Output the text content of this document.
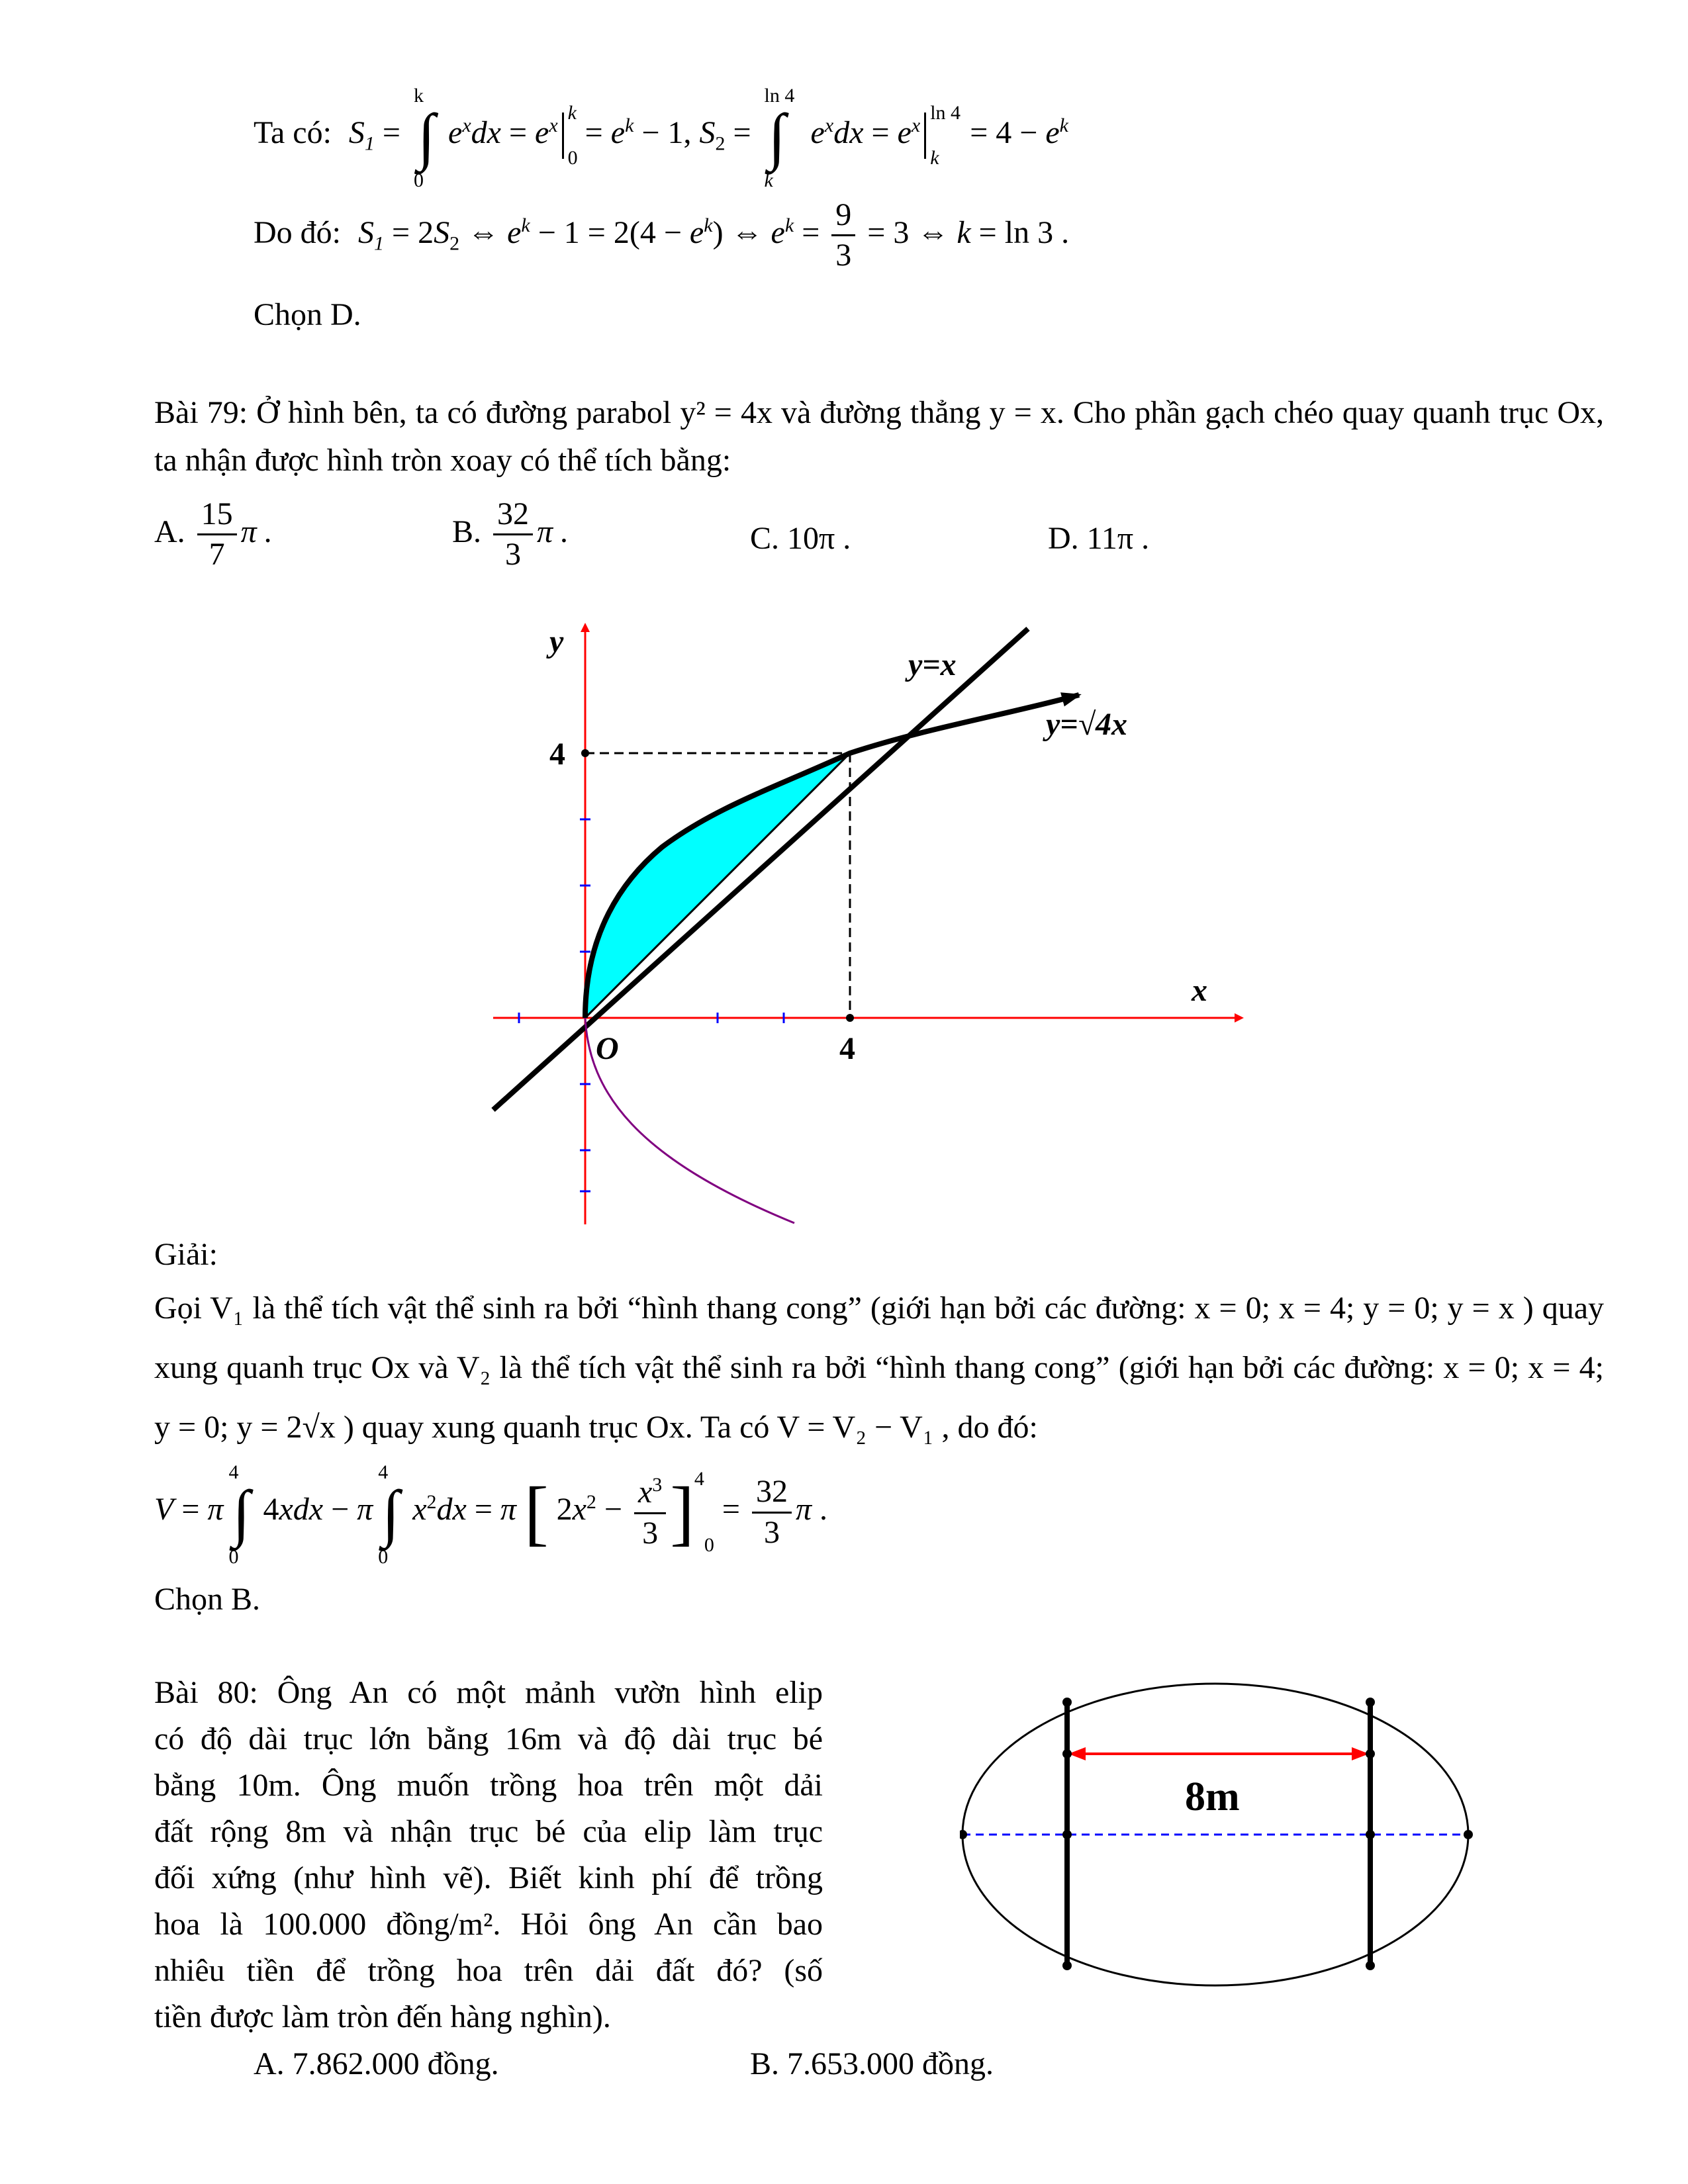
Ta có: $S_1$ =
k
∫
0
$e^xdx = e^x$
k
0
= $e^k - 1$, $S_2$ =
ln 4
∫
k
$e^xdx = e^x$
ln 4
k
= $4 - e^k$
Do đó: $S_1 = 2S_2$ ⇔ $e^k - 1 = 2(4 - e^k)$ ⇔ $e^k = \frac{9}{3} = 3$ ⇔ k = ln 3 .
Chọn D.
Bài 79: Ở hình bên, ta có đường parabol y² = 4x và đường thẳng y = x. Cho phần gạch chéo quay quanh trục Ox, ta nhận được hình tròn xoay có thể tích bằng:
A. $\frac{15}{7}$ π .	B. $\frac{32}{3}$ π .	C. 10π .	D. 11π .
y
x
O
4
4
y=x
y=√4x
Giải:
Gọi V₁ là thể tích vật thể sinh ra bởi “hình thang cong” (giới hạn bởi các đường: x = 0; x = 4; y = 0; y = x ) quay xung quanh trục Ox và V₂ là thể tích vật thể sinh ra bởi “hình thang cong” (giới hạn bởi các đường: x = 0; x = 4; y = 0; y = 2√x ) quay xung quanh trục Ox. Ta có V = V₂ − V₁ , do đó:
V = π
4
∫
0
4xdx − π
4
∫
0
$x^2dx = \pi$ [ $2x^2 - \frac{x^3}{3} ]^40 = \frac{32}{3}$ π .
Chọn B.
Bài 80: Ông An có một mảnh vườn hình elip
có độ dài trục lớn bằng 16m và độ dài trục bé
bằng 10m. Ông muốn trồng hoa trên một dải
đất rộng 8m và nhận trục bé của elip làm trục
đối xứng (như hình vẽ). Biết kinh phí để trồng
hoa là 100.000 đồng/m². Hỏi ông An cần bao
nhiêu tiền để trồng hoa trên dải đất đó? (số
tiền được làm tròn đến hàng nghìn).
A. 7.862.000 đồng.	B. 7.653.000 đồng.
8m
